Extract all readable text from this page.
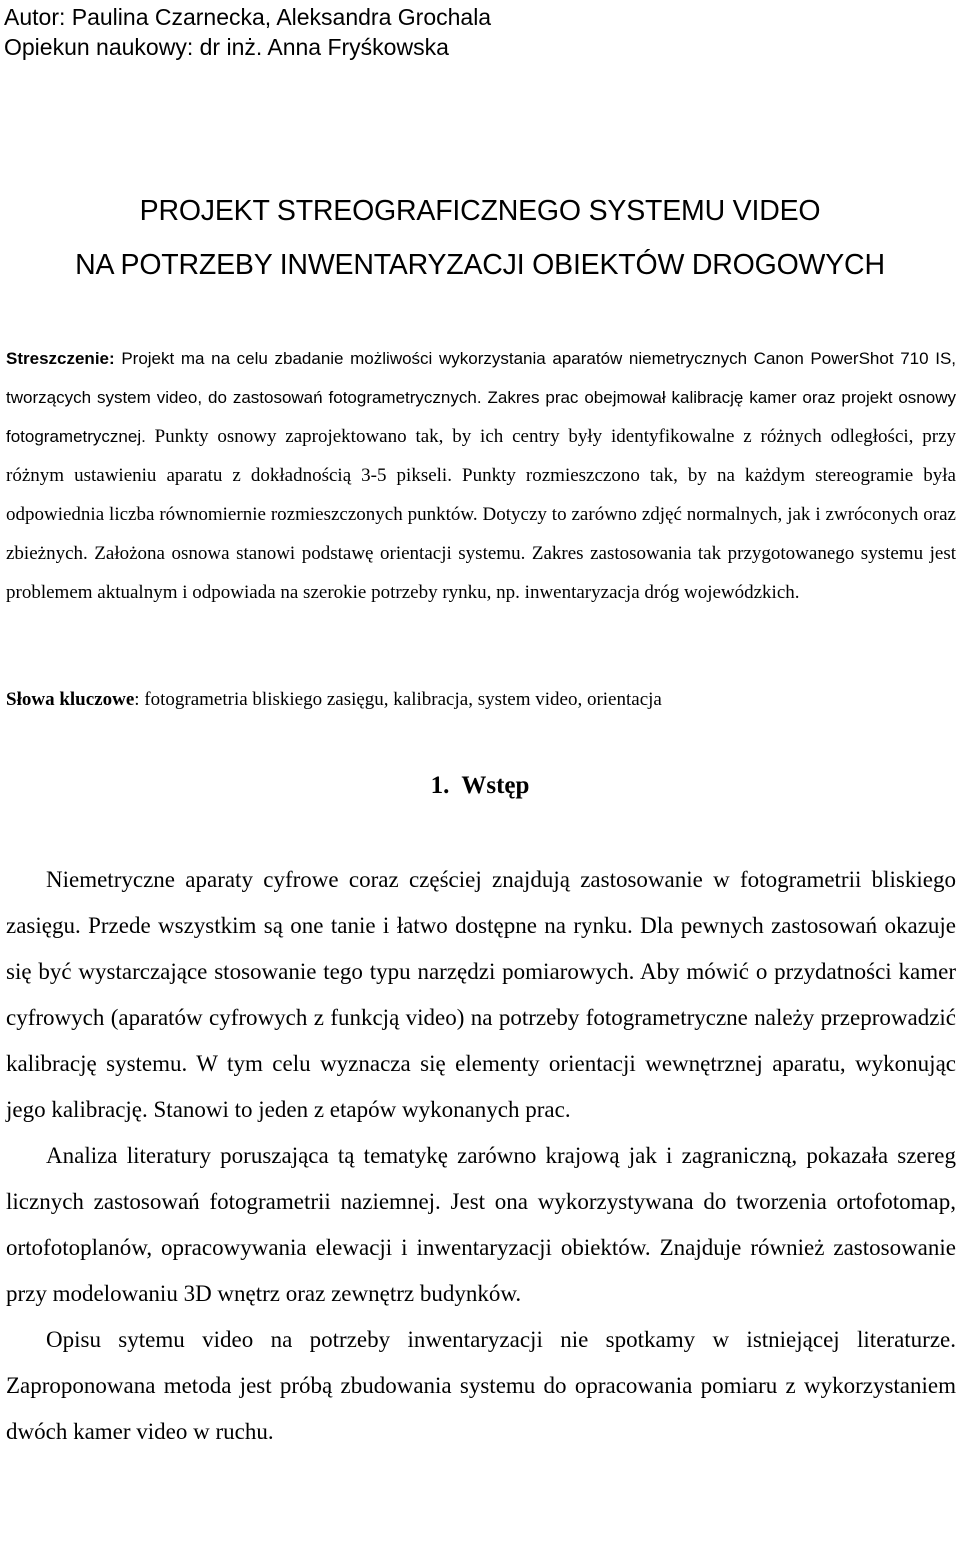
Autor: Paulina Czarnecka, Aleksandra Grochala
Opiekun naukowy: dr inż. Anna Fryśkowska
PROJEKT STREOGRAFICZNEGO SYSTEMU VIDEO
NA POTRZEBY INWENTARYZACJI OBIEKTÓW DROGOWYCH
Streszczenie: Projekt ma na celu zbadanie możliwości wykorzystania aparatów niemetrycznych Canon PowerShot 710 IS, tworzących system video, do zastosowań fotogrametrycznych. Zakres prac obejmował kalibrację kamer oraz projekt osnowy fotogrametrycznej. Punkty osnowy zaprojektowano tak, by ich centry były identyfikowalne z różnych odległości, przy różnym ustawieniu aparatu z dokładnością 3-5 pikseli. Punkty rozmieszczono tak, by na każdym stereogramie była odpowiednia liczba równomiernie rozmieszczonych punktów. Dotyczy to zarówno zdjęć normalnych, jak i zwróconych oraz zbieżnych. Założona osnowa stanowi podstawę orientacji systemu. Zakres zastosowania tak przygotowanego systemu jest problemem aktualnym i odpowiada na szerokie potrzeby rynku, np. inwentaryzacja dróg wojewódzkich.
Słowa kluczowe: fotogrametria bliskiego zasięgu, kalibracja, system video, orientacja
1.  Wstęp

Niemetryczne aparaty cyfrowe coraz częściej znajdują zastosowanie w fotogrametrii bliskiego zasięgu. Przede wszystkim są one tanie i łatwo dostępne na rynku. Dla pewnych zastosowań okazuje się być wystarczające stosowanie tego typu narzędzi pomiarowych. Aby mówić o przydatności kamer cyfrowych (aparatów cyfrowych z funkcją video) na potrzeby fotogrametryczne należy przeprowadzić kalibrację systemu. W tym celu wyznacza się elementy orientacji wewnętrznej aparatu, wykonując jego kalibrację. Stanowi to jeden z etapów wykonanych prac.

Analiza literatury poruszająca tą tematykę zarówno krajową jak i zagraniczną, pokazała szereg licznych zastosowań fotogrametrii naziemnej. Jest ona wykorzystywana do tworzenia ortofotomap, ortofotoplanów, opracowywania elewacji i inwentaryzacji obiektów. Znajduje również zastosowanie przy modelowaniu 3D wnętrz oraz zewnętrz budynków.

Opisu sytemu video na potrzeby inwentaryzacji nie spotkamy w istniejącej literaturze. Zaproponowana metoda jest próbą zbudowania systemu do opracowania pomiaru z wykorzystaniem dwóch kamer video w ruchu.
